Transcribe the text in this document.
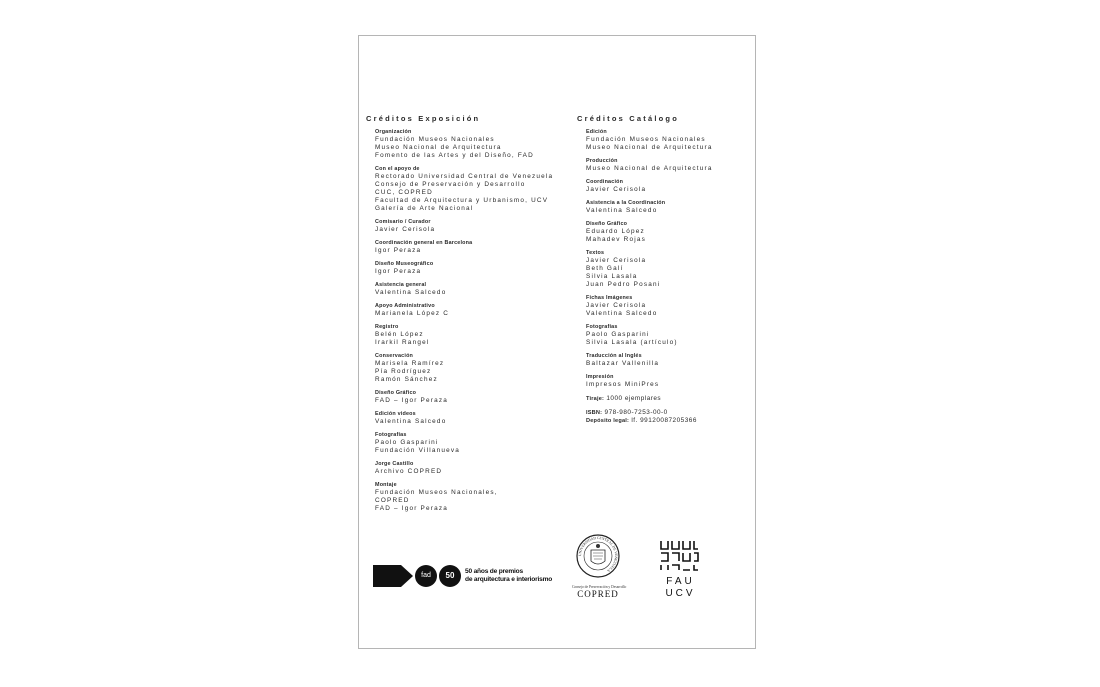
Créditos Exposición
Organización
Fundación Museos Nacionales
Museo Nacional de Arquitectura
Fomento de las Artes y del Diseño, FAD
Con el apoyo de
Rectorado Universidad Central de Venezuela
Consejo de Preservación y Desarrollo
CUC, COPRED
Facultad de Arquitectura y Urbanismo, UCV
Galería de Arte Nacional
Comisario / Curador
Javier Cerisola
Coordinación general en Barcelona
Igor Peraza
Diseño Museográfico
Igor Peraza
Asistencia general
Valentina Salcedo
Apoyo Administrativo
Marianela López C
Registro
Belén López
Irarkil Rangel
Conservación
Marisela Ramírez
Pía Rodríguez
Ramón Sánchez
Diseño Gráfico
FAD – Igor Peraza
Edición videos
Valentina Salcedo
Fotografías
Paolo Gasparini
Fundación Villanueva
Jorge Castillo
Archivo COPRED
Montaje
Fundación Museos Nacionales,
COPRED
FAD – Igor Peraza
Créditos Catálogo
Edición
Fundación Museos Nacionales
Museo Nacional de Arquitectura
Producción
Museo Nacional de Arquitectura
Coordinación
Javier Cerisola
Asistencia a la Coordinación
Valentina Salcedo
Diseño Gráfico
Eduardo López
Mahadev Rojas
Textos
Javier Cerisola
Beth Galí
Silvia Lasala
Juan Pedro Posani
Fichas Imágenes
Javier Cerisola
Valentina Salcedo
Fotografías
Paolo Gasparini
Silvia Lasala (artículo)
Traducción al Inglés
Baltazar Vallenilla
Impresión
Impresos MiniPres
Tiraje: 1000 ejemplares
ISBN: 978-980-7253-00-0
Depósito legal: lf. 99120087205366
fad	50	50 años de premios
de arquitectura e interiorismo
UNIVERSIDAD CENTRAL DE VENEZUELA
Consejo de Preservación y Desarrollo
COPRED
FAU
UCV
